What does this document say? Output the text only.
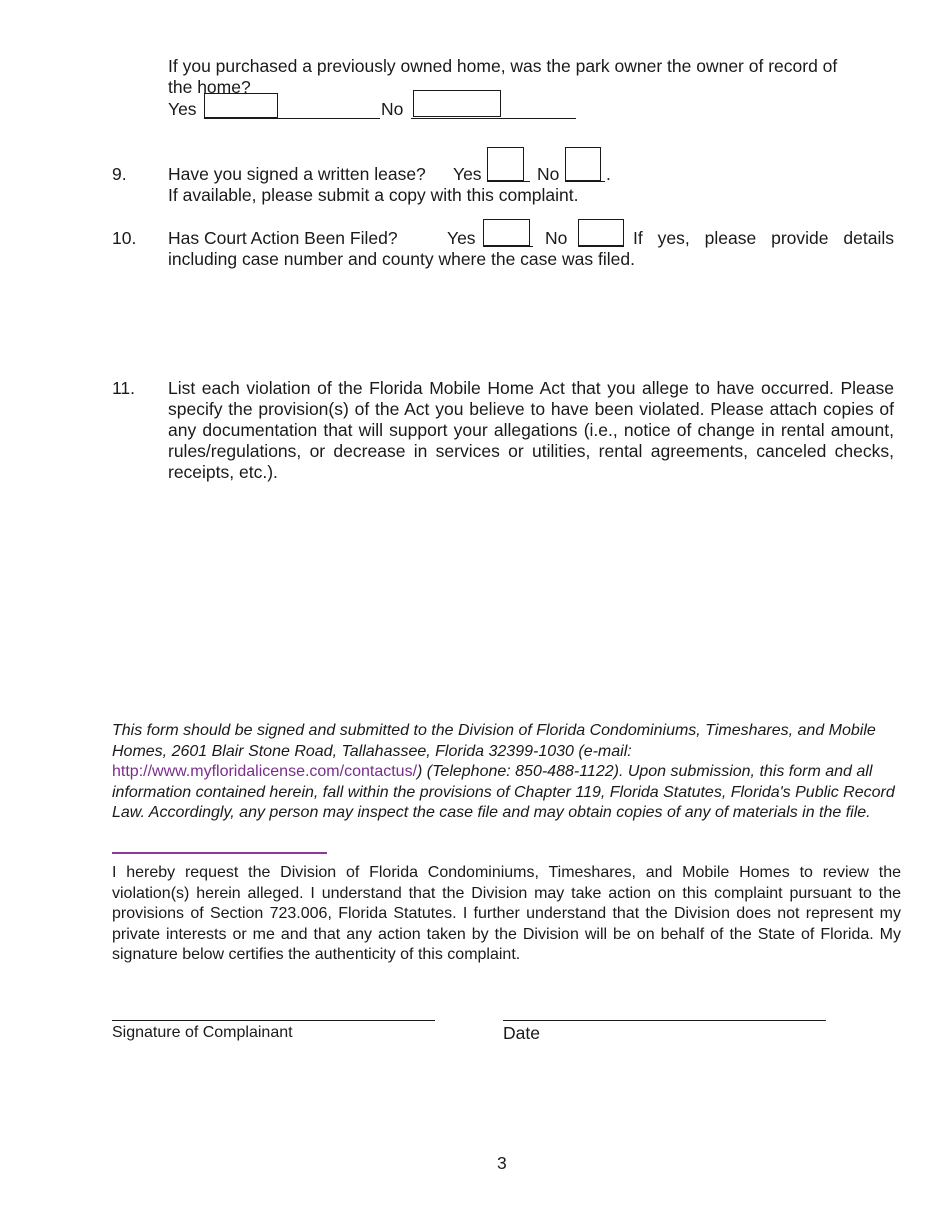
If you purchased a previously owned home, was the park owner the owner of record of
the home?
Yes	No
9. Have you signed a written lease? Yes	No	.
If available, please submit a copy with this complaint.
10. Has Court Action Been Filed?	Yes	No	If yes, please provide details
including case number and county where the case was filed.
11. List each violation of the Florida Mobile Home Act that you allege to have occurred. Please specify the provision(s) of the Act you believe to have been violated. Please attach copies of any documentation that will support your allegations (i.e., notice of change in rental amount, rules/regulations, or decrease in services or utilities, rental agreements, canceled checks, receipts, etc.).
This form should be signed and submitted to the Division of Florida Condominiums, Timeshares, and Mobile Homes, 2601 Blair Stone Road, Tallahassee, Florida 32399-1030 (e-mail: http://www.myfloridalicense.com/contactus/) (Telephone: 850-488-1122). Upon submission, this form and all information contained herein, fall within the provisions of Chapter 119, Florida Statutes, Florida's Public Record Law. Accordingly, any person may inspect the case file and may obtain copies of any of materials in the file.
I hereby request the Division of Florida Condominiums, Timeshares, and Mobile Homes to review the violation(s) herein alleged. I understand that the Division may take action on this complaint pursuant to the provisions of Section 723.006, Florida Statutes. I further understand that the Division does not represent my private interests or me and that any action taken by the Division will be on behalf of the State of Florida. My signature below certifies the authenticity of this complaint.
Signature of Complainant	Date
3
